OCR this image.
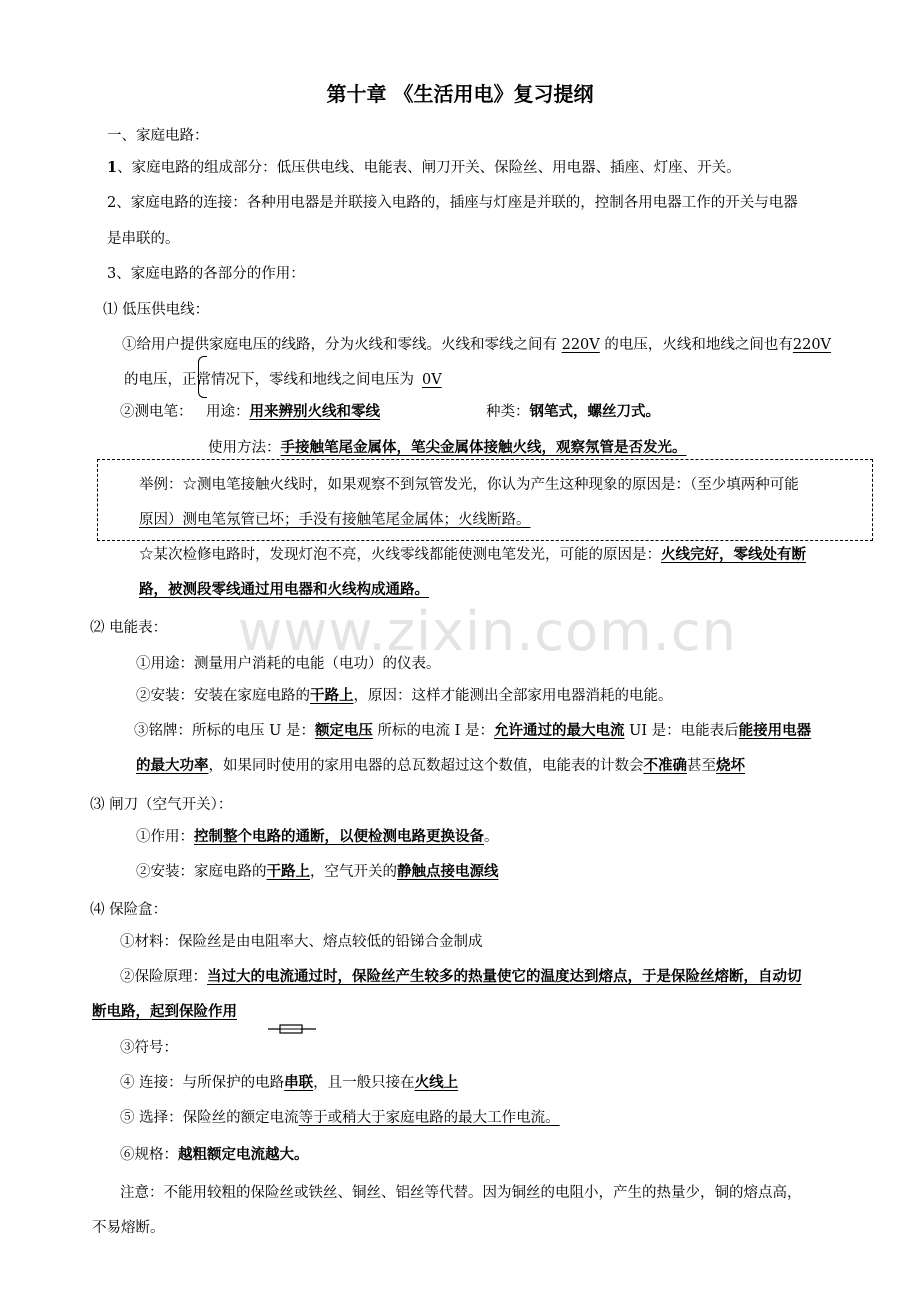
www.zixin.com.cn
第十章 《生活用电》复习提纲
一、家庭电路：
1、家庭电路的组成部分：低压供电线、电能表、闸刀开关、保险丝、用电器、插座、灯座、开关。
2、家庭电路的连接：各种用电器是并联接入电路的，插座与灯座是并联的，控制各用电器工作的开关与电器
是串联的。
3、家庭电路的各部分的作用：
⑴ 低压供电线：
①给用户提供家庭电压的线路，分为火线和零线。火线和零线之间有 220V 的电压，火线和地线之间也有220V
的电压，正常情况下，零线和地线之间电压为 0V
②测电笔： 用途：用来辨别火线和零线	种类：钢笔式，螺丝刀式。
使用方法：手接触笔尾金属体，笔尖金属体接触火线，观察氖管是否发光。
举例：☆测电笔接触火线时，如果观察不到氖管发光，你认为产生这种现象的原因是：（至少填两种可能
原因）测电笔氖管已坏；手没有接触笔尾金属体；火线断路。
☆某次检修电路时，发现灯泡不亮，火线零线都能使测电笔发光，可能的原因是：火线完好，零线处有断
路，被测段零线通过用电器和火线构成通路。
⑵ 电能表：
①用途：测量用户消耗的电能（电功）的仪表。
②安装：安装在家庭电路的干路上，原因：这样才能测出全部家用电器消耗的电能。
③铭牌：所标的电压 U 是：额定电压 所标的电流 I 是：允许通过的最大电流 UI 是：电能表后能接用电器
的最大功率，如果同时使用的家用电器的总瓦数超过这个数值，电能表的计数会不准确甚至烧坏
⑶ 闸刀（空气开关）：
①作用：控制整个电路的通断，以便检测电路更换设备。
②安装：家庭电路的干路上，空气开关的静触点接电源线
⑷ 保险盒：
①材料：保险丝是由电阻率大、熔点较低的铅锑合金制成
②保险原理：当过大的电流通过时，保险丝产生较多的热量使它的温度达到熔点，于是保险丝熔断，自动切
断电路，起到保险作用
③符号：
④ 连接：与所保护的电路串联，且一般只接在火线上
⑤ 选择：保险丝的额定电流等于或稍大于家庭电路的最大工作电流。
⑥规格：越粗额定电流越大。
注意：不能用较粗的保险丝或铁丝、铜丝、铝丝等代替。因为铜丝的电阻小，产生的热量少，铜的熔点高，
不易熔断。
